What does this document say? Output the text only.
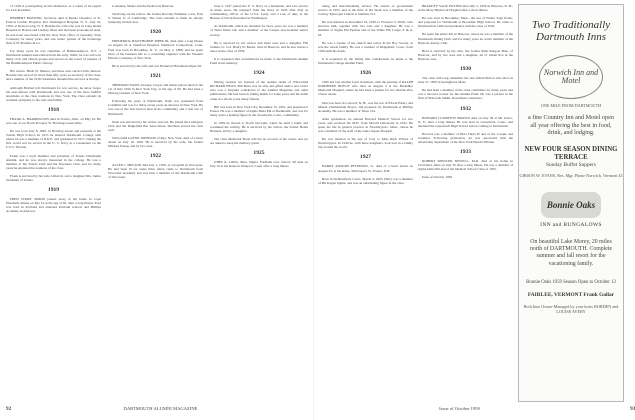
of 1918 is participating in this memorial, as a token of its regard for Jack Rockhart.
HERBERT BOZZINO, Secretary died at Bessie Chesebro at St. Francis Cardiac Hospital, Port Washington Hospital, N. Y., July 19, 1959, at Roslyn Long, N. Y. Besides his wife who was in Long Island Hospital in Boston and Lindsay Shaw and had been pronounced dead, he had been associated with the New York office of Guaranty Trust Company for many years, and was senior partner of the brokerage firm of H. Bozzino & Co.
For many years he was chairman of Hammondsport, N.Y., a Dartmouth Alumni Association from the early 1920s; he was active in many civic and church groups and served on the board of trustees of the Hammondsport Public Library.
His widow, Hilda W. Maurer, and three sons survive him. Messrs. Bozzino has served for more than fifty years as secretary of the class, and a number of the 1918 classmates attended the services at Roslyn.
Although Herbert left Dartmouth for war service, he never forgot his associations with Dartmouth, and was one of the most faithful attendants at the class reunions in New York. The class extends its warmest sympathy to his wife and family.
1918
FRANK A. HARRINGTON died in Toledo, Ohio, on May 23. He was one of our North Prospect St. Bowling-Green Ohio.
He was born July 8, 1895, in Bowling Green and prepared at the Toledo High School. In 1913 he entered Dartmouth College with where he was a member of D.K.E. and graduated in 1917. During the first world war he served in the U. S. Navy as a Lieutenant on the U.S.S. Nevada.
Frank was a loyal member and president of Toledo Dartmouth Alumni, and he was always interested in the college. He was a member of the Toledo Club and the Inverness Club, and for many years he attended the reunions of the class.
Frank is survived by his wife Lillian R. and a daughter Mrs. James Wullstein of Toledo.
1919
FRED STORY SIMON passed away at his home in Cape Elizabeth, Maine on July 14 at the age of 65, after a long illness. Fred was born in Portland and attended Portland schools and Phillips Academy in Andover.
Louisiana, Maine and the Epsilon in Hanover.
Surviving are his widow, the former Dorothy Williams; a son, Fred S. Simon Jr. of Cambridge. The class extends to them its sincere sympathy in their loss.
1920
FREDERICK HAWTHORNE PIPER JR. died after a long illness on August 23 at Stamford Hospital, Stamford, Connecticut, Conn. Fred was born in Brookline, N. Y., on May 2, 1898, and he spent most of his business life as a consulting engineer with the Western Electric Company of New York.
He is survived by his wife and son Frederick Hawthorne Piper III.
1921
SHERMAN NASH, attorney, lawyer and music patron died on the 1st of July 1959 in New York City, at the age of 60. He had been a lifelong resident of New York.
Following his years at Dartmouth, Nash was graduated from Columbia and was for thirty-seven years an attorney in New York. He was one of the best known men in his community and a true son of Dartmouth.
Nash was survived by his widow and son. He joined the Lexington Club and the Ridgefield Bar Association. Sherman served his class well.
WILLIAM GLENN JOHNSON of Rye, New York, died of a heart attack on July 16, 1959. He is survived by his wife, the former Mildred Young, and by two sons.
1922
ALLEN J. MELSON died July 1, 1959, at a hospital in Worcester. He had been ill for some time. Allen came to Dartmouth from Worcester Academy and was later a member of the Dartmouth Club of Worcester.
June 5, 1957 joined the U. S. Navy as a lieutenant, and saw service in many areas. He resigned from the Navy in 1945 after duty as commanding officer of the U.S.S. Leary and a tour of duty at the Bureau of Naval Personnel in Washington.
At Dartmouth, which he attended for three years, he was a member of Theta Delta Chi, and a member of the Casque and Gauntlet senior society.
He is survived by his widow and three sons and a daughter. His brother, Lt. Col. Henry W. Beebe, lives in Hanover, and he also leaves a niece in the class of 1956.
It is requested that contributions be made to the Dartmouth Alumni Fund in his memory.
1924
During reunion we learned of the sudden death of WILLIAM RICHARD BEAN, Bill Bean was an able and gifted author and writer who was a frequent contributor to the Alumni Magazine and other publications. He had been in failing health for some years and his death came as a shock to his many friends.
Bill was born in New York City, December 15, 1901, and prepared at Exeter. He was a member of Alpha Delta Phi at Dartmouth, and was for many years a leading figure in the Greenwich, Conn., community.
In 1959 he moved to North Norwalk, where he built a home and continued his writing. He is survived by his widow, the former Helen Barnard, and by a daughter.
The class Memorial Book will list an account of his career, and we are asked to keep his memory green.
1925
JOHN A. LONG, Beta, Sigma, Fordham Law School '28 died on July 10 at his home in Westport, Conn. after a long illness.
92	DARTMOUTH ALUMNI MAGAZINE
lating and merchandising service. He retired as government service in 1955, and at the time of his death was a member of the Calvary Episcopal Church at Summit, N.J.
He was married on December 16, 1939, to Florence S. Webb, who survives him, together with two sons and a daughter. He was a member of Sigma Phi Epsilon and of the White Elk Lodge, F. & A. M.
He was a trustee of his church and active in the Boy Scouts, as was the whole family. He was a resident of Ridgefield, Conn., from 1936 until his death.
It is requested by the family that contributions be made to the Dartmouth College Alumni Fund.
1926
1926 has lost another loyal classmate, with the passing of RALPH NORTHRUP BOYCE who died on August 3 at the Berkshire Memorial Hospital, where he had been a patient for two months after a heart attack.
Dan was born in Concord, N. H., was the son of Edwin Emery and Maude Chamberlain Boyce, and prepared for Dartmouth at Phillips Academy. He was a member of Theta Chi.
After graduation, he entered Harvard Medical School for two years, and received his M.D. from McGill University in 1932. He spent his life in general practice in Newburyport, Mass., where he was a member of the staff of the Anna Jaques Hospital.
He was married at the age of forty to Miss Ruth Wilson of Newburyport. In 1949 he, with three daughters, took part in a family trip around the world.
1927
HARRY ADOLPH PETERSON, Jr., died of a heart attack on August 23, at his home, 36 Prospect St., Exeter, N.H.
Born in Wethersfield, Conn., March 4, 1905, Harry was a member of Phi Kappa Sigma, and was an outstanding figure in the class.
BRADLEY SAGE POTTER died July 3, 1959 in Hanover, N. H., at the Mary Hitchcock Hospital after a short illness.
He was born in Brookline, Mass., the son of Walter Sage Potter, and prepared for Dartmouth at Brookline High School. He came to Dartmouth in 1926 and graduated with the class of 1930.
He spent his entire life in Hanover, where he was a member of the Dartmouth Outing Club, and for many years an active member of the Hanover Rotary Club.
Brad is survived by his wife, the former Ruth Kenyon Hale, of Hanover, and by two sons and a daughter, all of whom live in the Hanover area.
1930
The class will long remember the late Alfred Bolton who died on June 27, 1959 in Springfield, Mass.
He had been a member of the class committee for many years and was a devoted worker for the Alumni Fund. He was a partner in the firm of Bolton & Smith, investment counselors.
1932
HOWARD CLEMENTS BROWN died on July 29 at Mt. Kisco, N. Y., after a long illness. He was born in Greenwich, Conn., and attended the Greenwich High School before coming to Dartmouth.
Howard was a member of Beta Theta Pi and of the Casque and Gauntlet. Following graduation, he was associated with the advertising department of the New York Herald Tribune.
1933
ROBERT SPENCER NEWELL, M.D. died at his home in Cleveland, Ohio on July 30 after a long illness. He was a member of Alpha Delta Phi and of the Medical School Class of 1935.
Issue of October 1959
Two Traditionally Dartmouth Inns
Norwich Inn and Motel
ONE MILE FROM DARTMOUTH
a fine Country Inn and Motel open all year offering the best in food, drink, and lodging.
NEW FOUR SEASON DINING TERRACE
Sunday Buffet Suppers
GIBSON W. EVANS, Res. Mgr. Phone Norwich, Vermont 43
Bonnie Oaks
INN and BUNGALOWS
On beautiful Lake Morey, 20 miles north of DARTMOUTH. Complete summer and fall resort for the vacationing family.
Bonnie Oaks 1959 Season Open to October 13
FAIRLEE, VERMONT Frank Gollar
Both Inns Owner-Managed by your hosts BORDEN and LOUISE AVERY
Issue of October 1959	93
